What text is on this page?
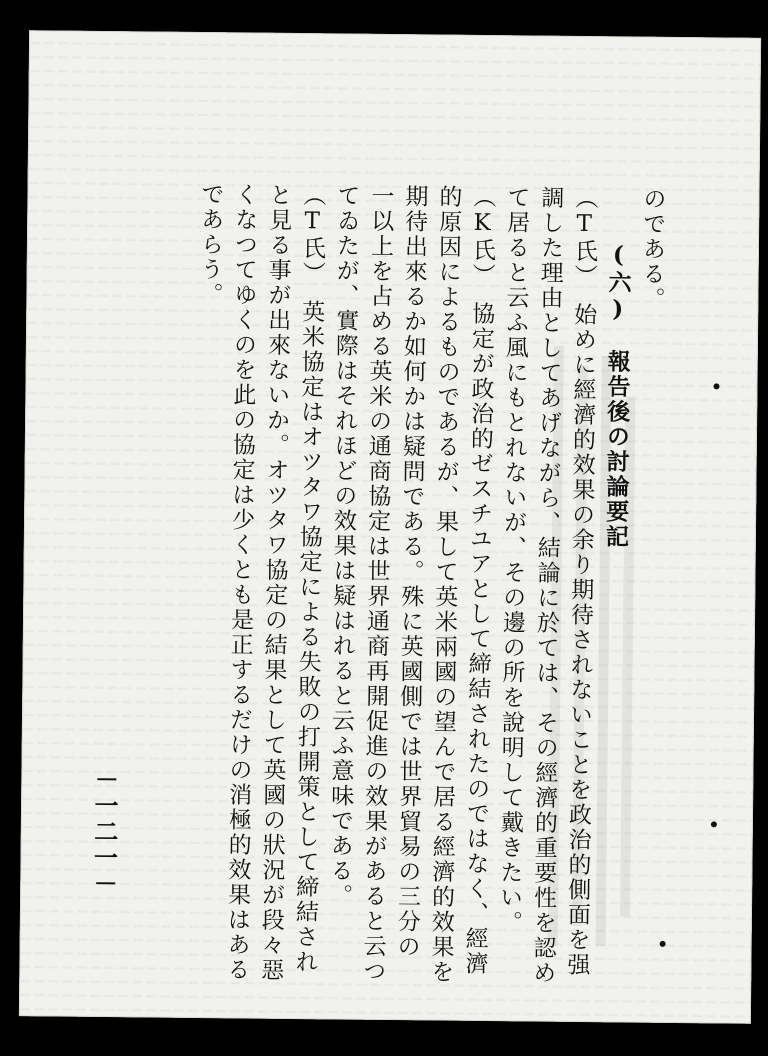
のである。
(六)　報告後の討論要記
（T氏）　始めに經濟的效果の余り期待されないことを政治的側面を强
調した理由としてあげながら、結論に於ては、その經濟的重要性を認め
て居ると云ふ風にもとれないが、その邊の所を說明して戴きたい。
（K氏）　協定が政治的ゼスチユアとして締結されたのではなく、經濟
的原因によるものであるが、果して英米兩國の望んで居る經濟的效果を
期待出來るか如何かは疑問である。殊に英國側では世界貿易の三分の
一以上を占める英米の通商協定は世界通商再開促進の效果があると云つ
てゐたが、實際はそれほどの效果は疑はれると云ふ意味である。
（T氏）　英米協定はオツタワ協定による失敗の打開策として締結され
と見る事が出來ないか。オツタワ協定の結果として英國の狀況が段々惡
くなつてゆくのを此の協定は少くとも是正するだけの消極的效果はある
であらう。
－一二一－
